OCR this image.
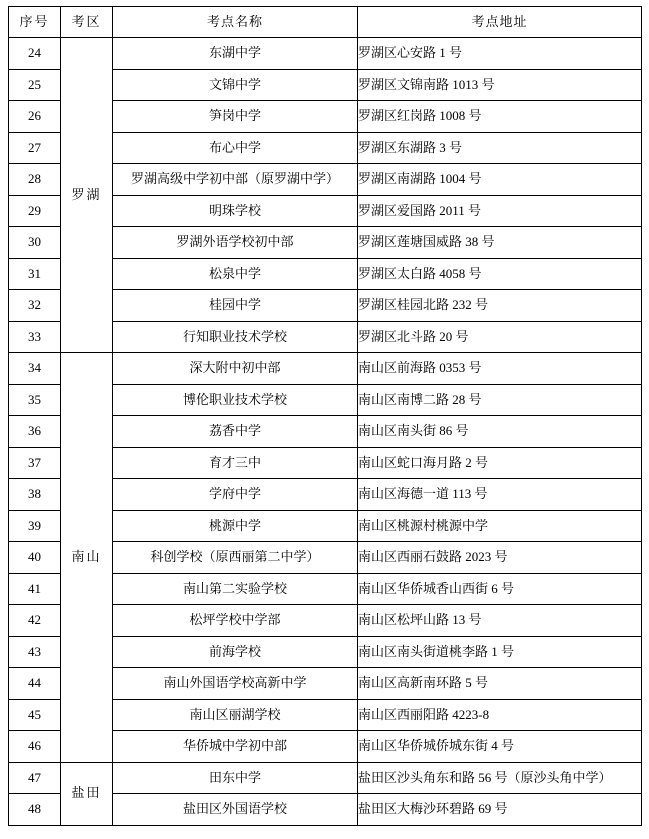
序号	考区	考点名称	考点地址
24	罗湖	东湖中学	罗湖区心安路 1 号
25		文锦中学	罗湖区文锦南路 1013 号
26		笋岗中学	罗湖区红岗路 1008 号
27		布心中学	罗湖区东湖路 3 号
28		罗湖高级中学初中部（原罗湖中学）	罗湖区南湖路 1004 号
29		明珠学校	罗湖区爱国路 2011 号
30		罗湖外语学校初中部	罗湖区莲塘国威路 38 号
31		松泉中学	罗湖区太白路 4058 号
32		桂园中学	罗湖区桂园北路 232 号
33		行知职业技术学校	罗湖区北斗路 20 号
34	南山	深大附中初中部	南山区前海路 0353 号
35		博伦职业技术学校	南山区南博二路 28 号
36		荔香中学	南山区南头街 86 号
37		育才三中	南山区蛇口海月路 2 号
38		学府中学	南山区海德一道 113 号
39		桃源中学	南山区桃源村桃源中学
40		科创学校（原西丽第二中学）	南山区西丽石鼓路 2023 号
41		南山第二实验学校	南山区华侨城香山西街 6 号
42		松坪学校中学部	南山区松坪山路 13 号
43		前海学校	南山区南头街道桃李路 1 号
44		南山外国语学校高新中学	南山区高新南环路 5 号
45		南山区丽湖学校	南山区西丽阳路 4223-8
46		华侨城中学初中部	南山区华侨城侨城东街 4 号
47	盐田	田东中学	盐田区沙头角东和路 56 号（原沙头角中学）
48		盐田区外国语学校	盐田区大梅沙环碧路 69 号
